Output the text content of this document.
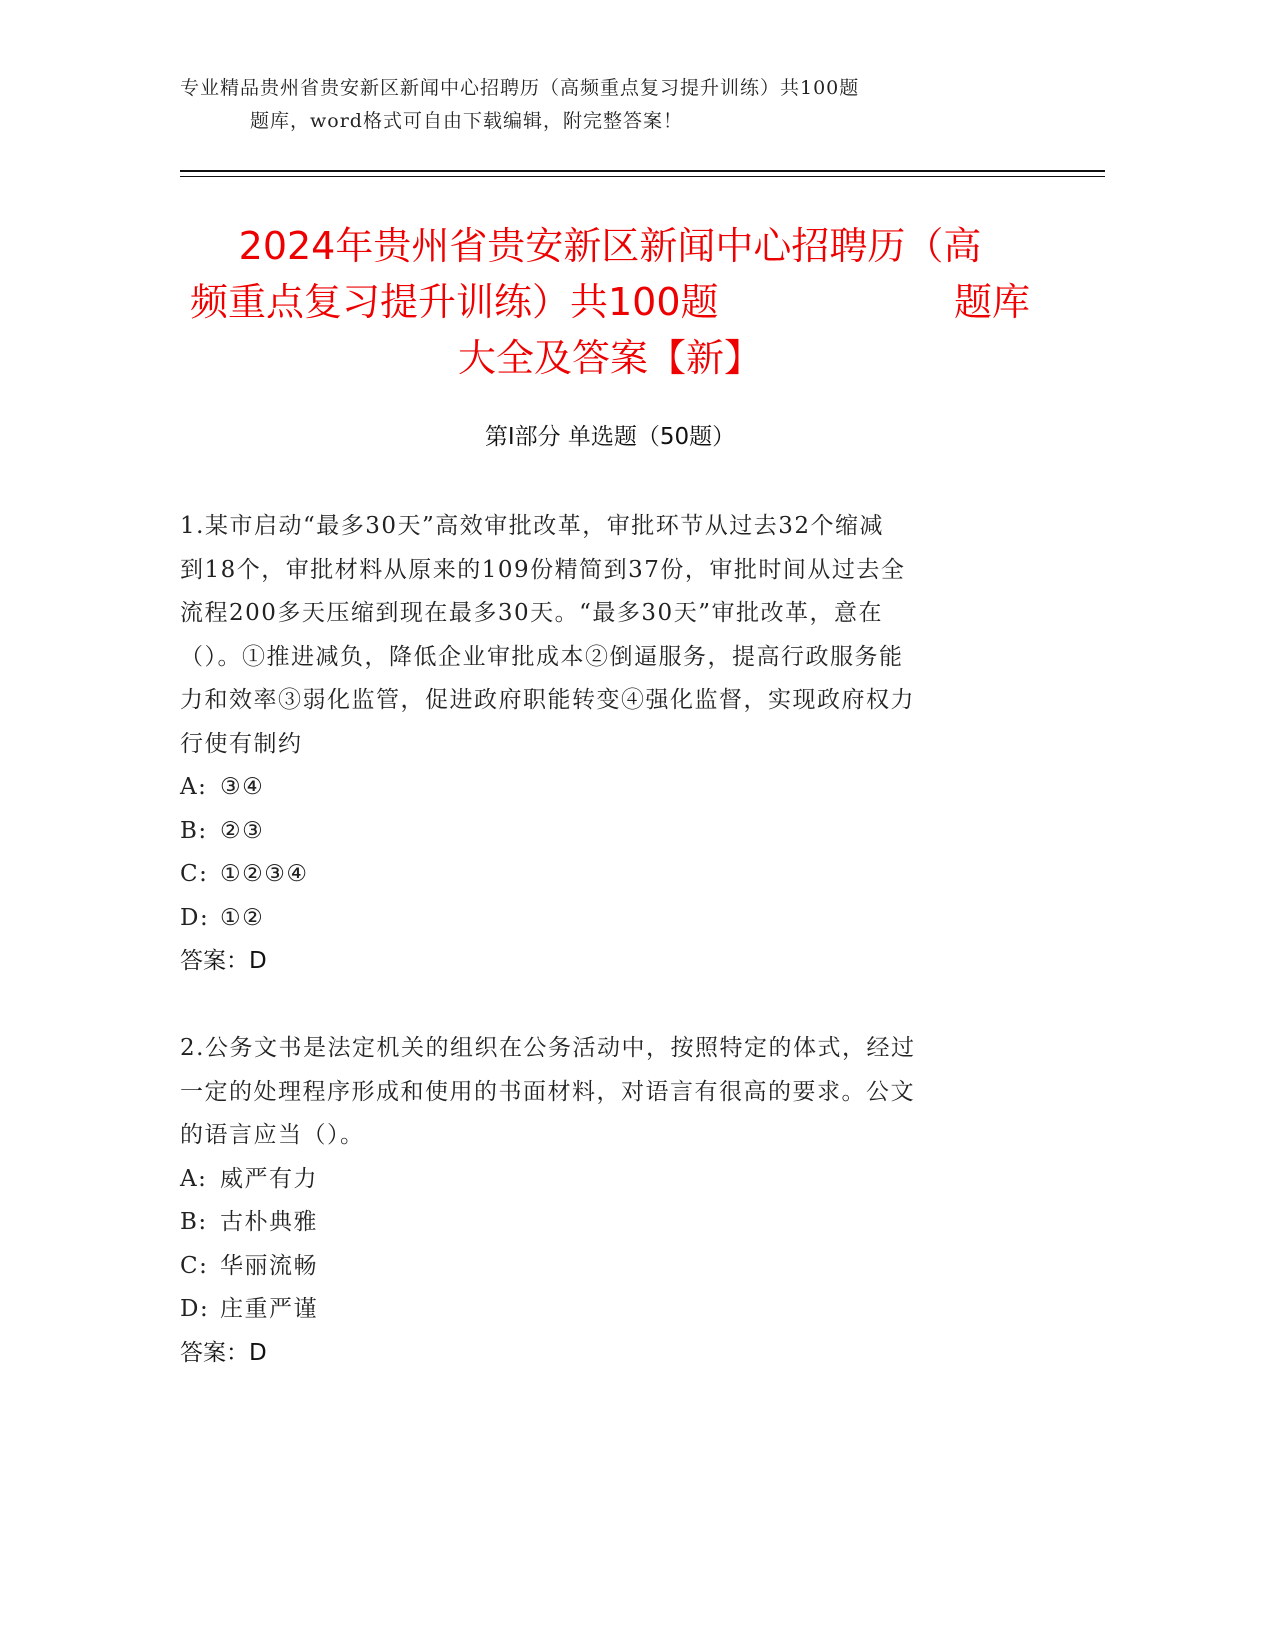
专业精品贵州省贵安新区新闻中心招聘历（高频重点复习提升训练）共100题
题库，word格式可自由下载编辑，附完整答案！
2024年贵州省贵安新区新闻中心招聘历（高
频重点复习提升训练）共100题	题库
大全及答案【新】
第Ⅰ部分 单选题（50题）
1.某市启动“最多30天”高效审批改革，审批环节从过去32个缩减
到18个，审批材料从原来的109份精简到37份，审批时间从过去全
流程200多天压缩到现在最多30天。“最多30天”审批改革，意在
（）。①推进减负，降低企业审批成本②倒逼服务，提高行政服务能
力和效率③弱化监管，促进政府职能转变④强化监督，实现政府权力
行使有制约
A: ③④
B: ②③
C: ①②③④
D: ①②
答案：D
2.公务文书是法定机关的组织在公务活动中，按照特定的体式，经过
一定的处理程序形成和使用的书面材料，对语言有很高的要求。公文
的语言应当（）。
A: 威严有力
B: 古朴典雅
C: 华丽流畅
D: 庄重严谨
答案：D
